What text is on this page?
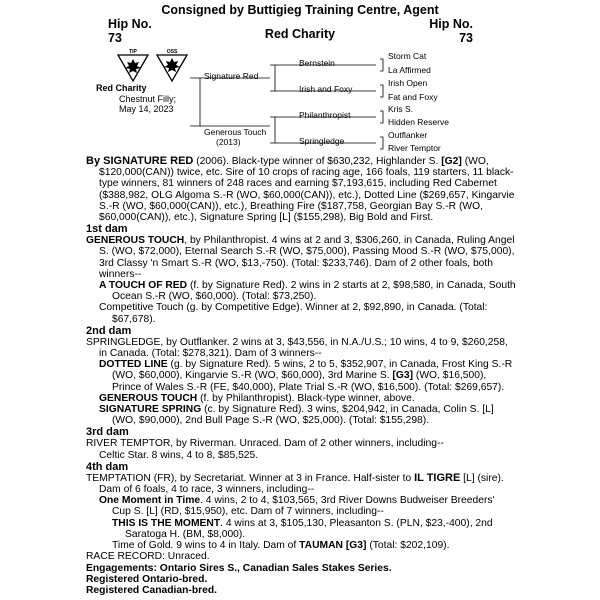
Consigned by Buttigieg Training Centre, Agent
Hip No.
73
Hip No.
73
Red Charity
TIP	OSS
Red Charity
Chestnut Filly;
May 14, 2023
Signature Red
Generous Touch
(2013)
Bernstein
Irish and Foxy
Philanthropist
Springledge
Storm Cat
La Affirmed
Irish Open
Fat and Foxy
Kris S.
Hidden Reserve
Outflanker
River Temptor

By SIGNATURE RED (2006). Black-type winner of $630,232, Highlander S. [G2] (WO, $120,000(CAN)) twice, etc. Sire of 10 crops of racing age, 166 foals, 119 starters, 11 black-type winners, 81 winners of 248 races and earning $7,193,615, including Red Cabernet ($388,982, OLG Algoma S.-R (WO, $60,000(CAN)), etc.), Dotted Line ($269,657, Kingarvie S.-R (WO, $60,000(CAN)), etc.), Breathing Fire ($187,758, Georgian Bay S.-R (WO, $60,000(CAN)), etc.), Signature Spring [L] ($155,298), Big Bold and First.

1st dam

GENEROUS TOUCH, by Philanthropist. 4 wins at 2 and 3, $306,260, in Canada, Ruling Angel S. (WO, $72,000), Eternal Search S.-R (WO, $75,000), Passing Mood S.-R (WO, $75,000), 3rd Classy 'n Smart S.-R (WO, $13,-750). (Total: $233,746). Dam of 2 other foals, both winners--

A TOUCH OF RED (f. by Signature Red). 2 wins in 2 starts at 2, $98,580, in Canada, South Ocean S.-R (WO, $60,000). (Total: $73,250).

Competitive Touch (g. by Competitive Edge). Winner at 2, $92,890, in Canada. (Total: $67,678).

2nd dam

SPRINGLEDGE, by Outflanker. 2 wins at 3, $43,556, in N.A./U.S.; 10 wins, 4 to 9, $260,258, in Canada. (Total: $278,321). Dam of 3 winners--

DOTTED LINE (g. by Signature Red). 5 wins, 2 to 5, $352,907, in Canada, Frost King S.-R (WO, $60,000), Kingarvie S.-R (WO, $60,000), 3rd Marine S. [G3] (WO, $16,500), Prince of Wales S.-R (FE, $40,000), Plate Trial S.-R (WO, $16,500). (Total: $269,657).

GENEROUS TOUCH (f. by Philanthropist). Black-type winner, above.

SIGNATURE SPRING (c. by Signature Red). 3 wins, $204,942, in Canada, Colin S. [L] (WO, $90,000), 2nd Bull Page S.-R (WO, $25,000). (Total: $155,298).

3rd dam

RIVER TEMPTOR, by Riverman. Unraced. Dam of 2 other winners, including--

Celtic Star. 8 wins, 4 to 8, $85,525.

4th dam

TEMPTATION (FR), by Secretariat. Winner at 3 in France. Half-sister to IL TIGRE [L] (sire). Dam of 6 foals, 4 to race, 3 winners, including--

One Moment in Time. 4 wins, 2 to 4, $103,565, 3rd River Downs Budweiser Breeders' Cup S. [L] (RD, $15,950), etc. Dam of 7 winners, including--

THIS IS THE MOMENT. 4 wins at 3, $105,130, Pleasanton S. (PLN, $23,-400), 2nd Saratoga H. (BM, $8,000).

Time of Gold. 9 wins to 4 in Italy. Dam of TAUMAN [G3] (Total: $202,109).

RACE RECORD: Unraced.

Engagements: Ontario Sires S., Canadian Sales Stakes Series.

Registered Ontario-bred.

Registered Canadian-bred.
